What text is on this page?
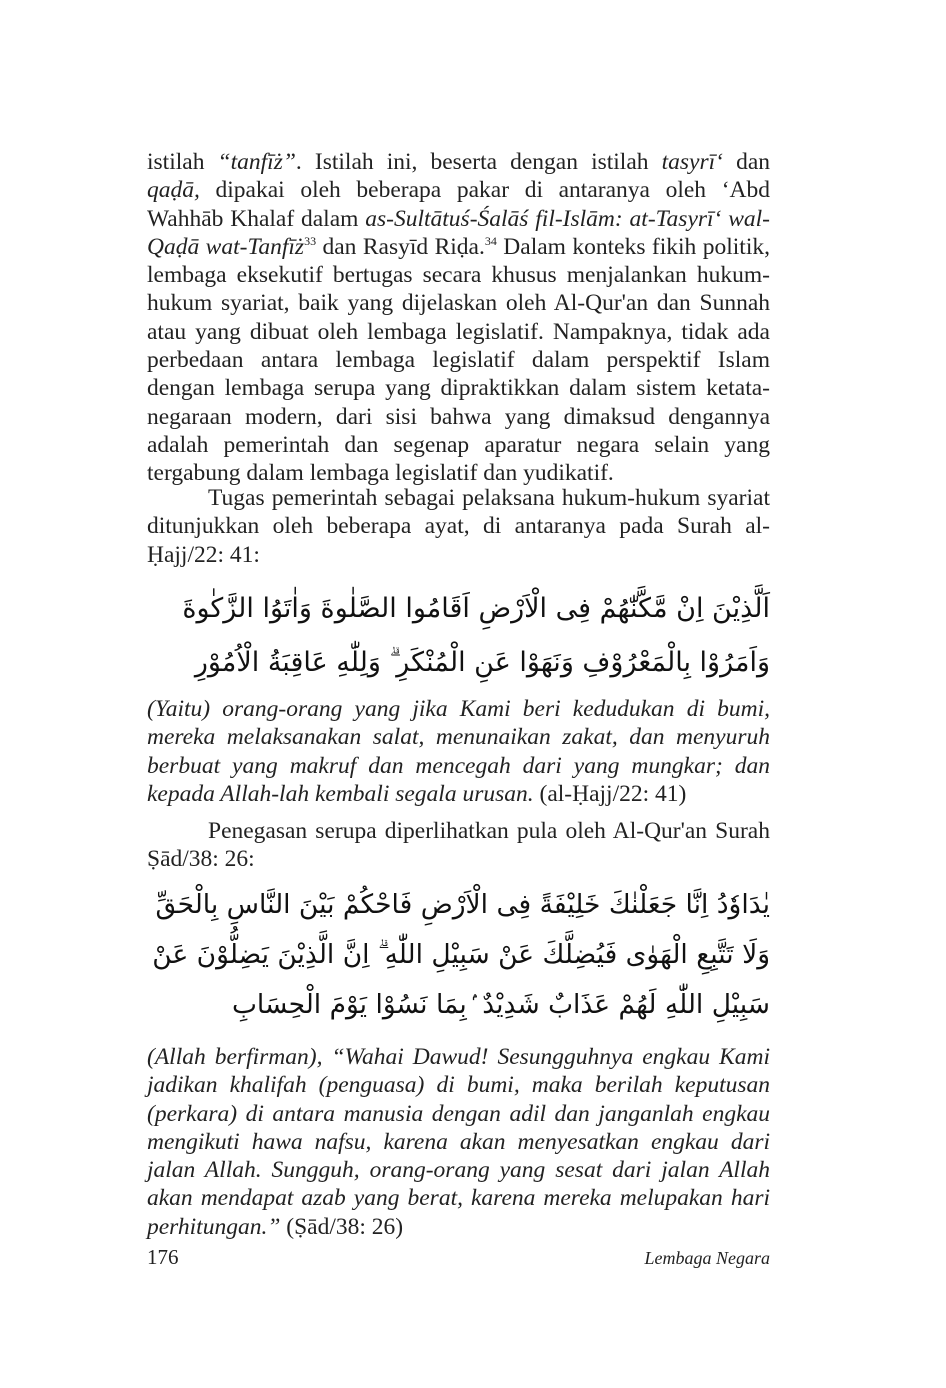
istilah “tanfīż”. Istilah ini, beserta dengan istilah tasyrī‘ dan qaḍā, dipakai oleh beberapa pakar di antaranya oleh ‘Abd Wahhāb Khalaf dalam as-Sultātuś-Śalāś fil-Islām: at-Tasyrī‘ wal-Qaḍā wat-Tanfīż$^{33}$ dan Rasyīd Riḍa.$^{34}$ Dalam konteks fikih politik, lembaga eksekutif bertugas secara khusus menjalankan hukum-hukum syariat, baik yang dijelaskan oleh Al-Qur'an dan Sunnah atau yang dibuat oleh lembaga legislatif. Nampaknya, tidak ada perbedaan antara lembaga legislatif dalam perspektif Islam dengan lembaga serupa yang dipraktikkan dalam sistem ketata-negaraan modern, dari sisi bahwa yang dimaksud dengannya adalah pemerintah dan segenap aparatur negara selain yang tergabung dalam lembaga legislatif dan yudikatif.
Tugas pemerintah sebagai pelaksana hukum-hukum syariat ditunjukkan oleh beberapa ayat, di antaranya pada Surah al-Ḥajj/22: 41:
اَلَّذِيْنَ اِنْ مَّكَّنّٰهُمْ فِى الْاَرْضِ اَقَامُوا الصَّلٰوةَ وَاٰتَوُا الزَّكٰوةَ وَاَمَرُوْا بِالْمَعْرُوْفِ وَنَهَوْا عَنِ الْمُنْكَرِ ۗ وَلِلّٰهِ عَاقِبَةُ الْاُمُوْرِ
(Yaitu) orang-orang yang jika Kami beri kedudukan di bumi, mereka melaksanakan salat, menunaikan zakat, dan menyuruh berbuat yang makruf dan mencegah dari yang mungkar; dan kepada Allah-lah kembali segala urusan. (al-Ḥajj/22: 41)
Penegasan serupa diperlihatkan pula oleh Al-Qur'an Surah Ṣād/38: 26:
يٰدَاوٗدُ اِنَّا جَعَلْنٰكَ خَلِيْفَةً فِى الْاَرْضِ فَاحْكُمْ بَيْنَ النَّاسِ بِالْحَقِّ وَلَا تَتَّبِعِ الْهَوٰى فَيُضِلَّكَ عَنْ سَبِيْلِ اللّٰهِ ۗ اِنَّ الَّذِيْنَ يَضِلُّوْنَ عَنْ سَبِيْلِ اللّٰهِ لَهُمْ عَذَابٌ شَدِيْدٌ ۢبِمَا نَسُوْا يَوْمَ الْحِسَابِ
(Allah berfirman), “Wahai Dawud! Sesungguhnya engkau Kami jadikan khalifah (penguasa) di bumi, maka berilah keputusan (perkara) di antara manusia dengan adil dan janganlah engkau mengikuti hawa nafsu, karena akan menyesatkan engkau dari jalan Allah. Sungguh, orang-orang yang sesat dari jalan Allah akan mendapat azab yang berat, karena mereka melupakan hari perhitungan.” (Ṣād/38: 26)
176	Lembaga Negara
